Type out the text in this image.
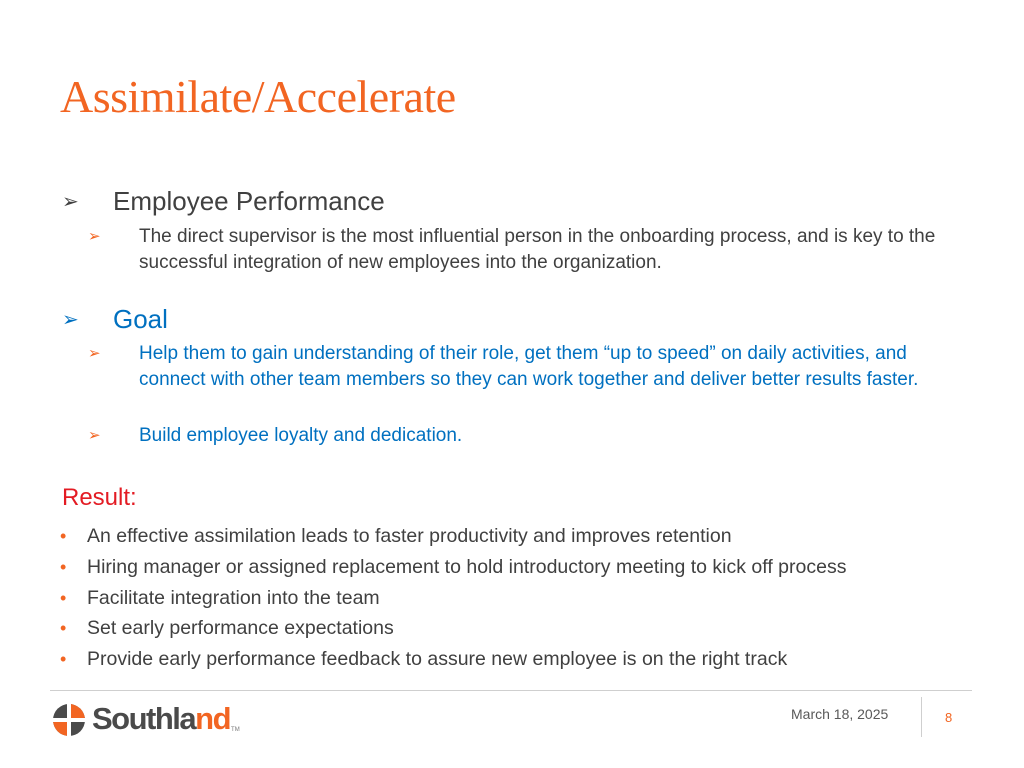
Assimilate/Accelerate
➢ Employee Performance
➢ The direct supervisor is the most influential person in the onboarding process, and is key to the successful integration of new employees into the organization.
➢ Goal
➢ Help them to gain understanding of their role, get them “up to speed” on daily activities, and connect with other team members so they can work together and deliver better results faster.
➢ Build employee loyalty and dedication.
Result:
• An effective assimilation leads to faster productivity and improves retention
• Hiring manager or assigned replacement to hold introductory meeting to kick off process
• Facilitate integration into the team
• Set early performance expectations
• Provide early performance feedback to assure new employee is on the right track
Southland TM
March 18, 2025	8
